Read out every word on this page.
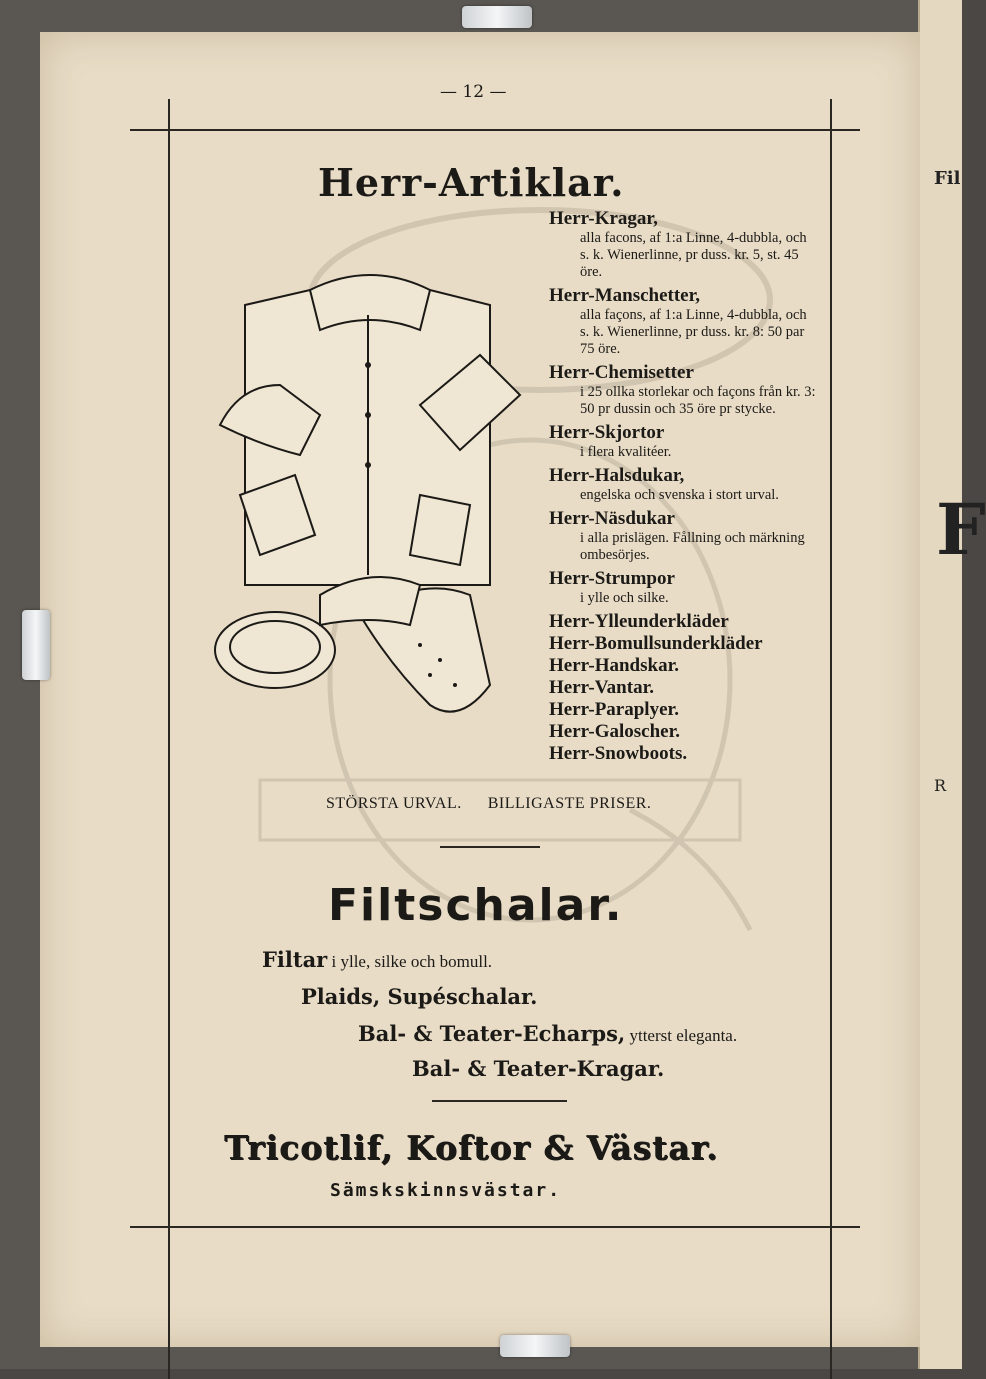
Fil
F
R
— 12 —
Herr-Artiklar.
Herr-Kragar,
alla facons, af 1:a Linne, 4-dubbla, och s. k. Wienerlinne, pr duss. kr. 5, st. 45 öre.
Herr-Manschetter,
alla façons, af 1:a Linne, 4-dubbla, och s. k. Wienerlinne, pr duss. kr. 8: 50 par 75 öre.
Herr-Chemisetter
i 25 ollka storlekar och façons från kr. 3: 50 pr dussin och 35 öre pr stycke.
Herr-Skjortor
i flera kvalitéer.
Herr-Halsdukar,
engelska och svenska i stort urval.
Herr-Näsdukar
i alla prislägen. Fållning och märkning ombesörjes.
Herr-Strumpor
i ylle och silke.
Herr-Ylleunderkläder
Herr-Bomullsunderkläder
Herr-Handskar.
Herr-Vantar.
Herr-Paraplyer.
Herr-Galoscher.
Herr-Snowboots.
STÖRSTA URVAL. BILLIGASTE PRISER.
Filtschalar.
Filtar i ylle, silke och bomull.
Plaids, Supéschalar.
Bal- & Teater-Echarps, ytterst eleganta.
Bal- & Teater-Kragar.
Tricotlif, Koftor & Västar.
Sämskskinnsvästar.
